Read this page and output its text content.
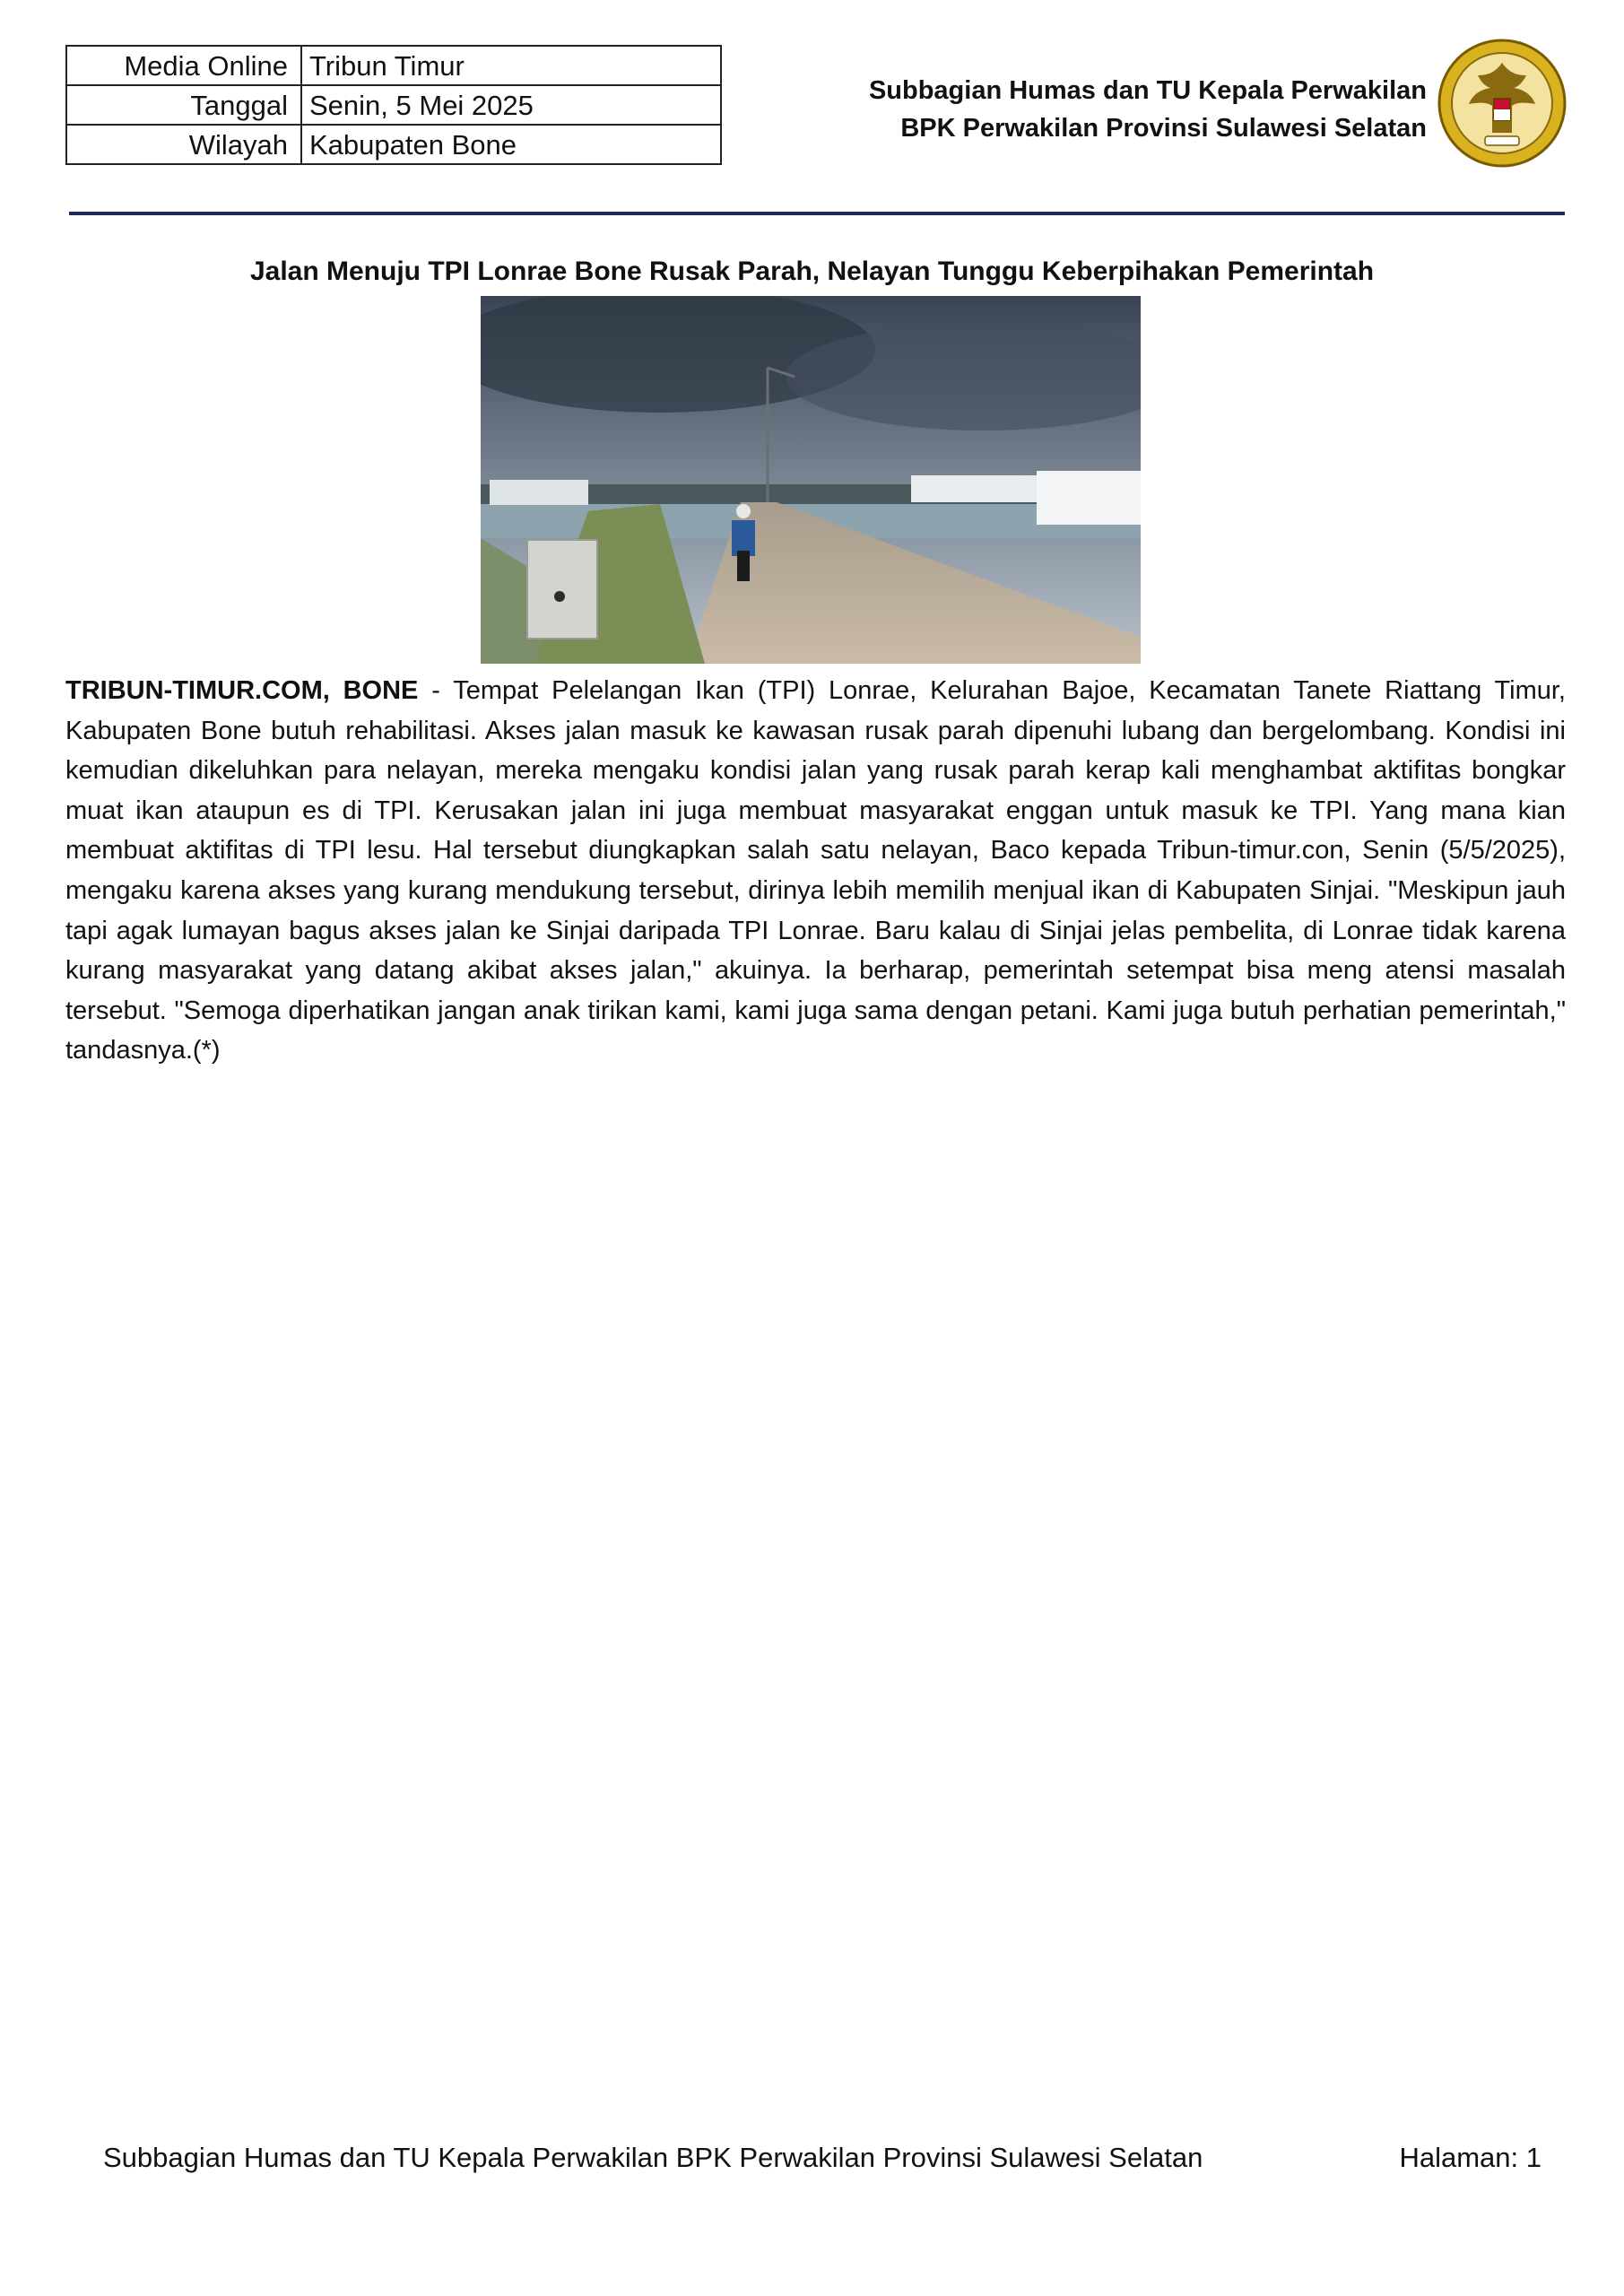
Media Online	Tribun Timur
Tanggal	Senin, 5 Mei 2025
Wilayah	Kabupaten Bone
Subbagian Humas dan TU Kepala Perwakilan
BPK Perwakilan Provinsi Sulawesi Selatan
Jalan Menuju TPI Lonrae Bone Rusak Parah, Nelayan Tunggu Keberpihakan Pemerintah

TRIBUN-TIMUR.COM, BONE - Tempat Pelelangan Ikan (TPI) Lonrae, Kelurahan Bajoe, Kecamatan Tanete Riattang Timur, Kabupaten Bone butuh rehabilitasi. Akses jalan masuk ke kawasan rusak parah dipenuhi lubang dan bergelombang. Kondisi ini kemudian dikeluhkan para nelayan, mereka mengaku kondisi jalan yang rusak parah kerap kali menghambat aktifitas bongkar muat ikan ataupun es di TPI. Kerusakan jalan ini juga membuat masyarakat enggan untuk masuk ke TPI. Yang mana kian membuat aktifitas di TPI lesu. Hal tersebut diungkapkan salah satu nelayan, Baco kepada Tribun-timur.con, Senin (5/5/2025), mengaku karena akses yang kurang mendukung tersebut, dirinya lebih memilih menjual ikan di Kabupaten Sinjai. "Meskipun jauh tapi agak lumayan bagus akses jalan ke Sinjai daripada TPI Lonrae. Baru kalau di Sinjai jelas pembelita, di Lonrae tidak karena kurang masyarakat yang datang akibat akses jalan," akuinya. Ia berharap, pemerintah setempat bisa meng atensi masalah tersebut. "Semoga diperhatikan jangan anak tirikan kami, kami juga sama dengan petani. Kami juga butuh perhatian pemerintah," tandasnya.(*)

Subbagian Humas dan TU Kepala Perwakilan BPK Perwakilan Provinsi Sulawesi Selatan	Halaman: 1
